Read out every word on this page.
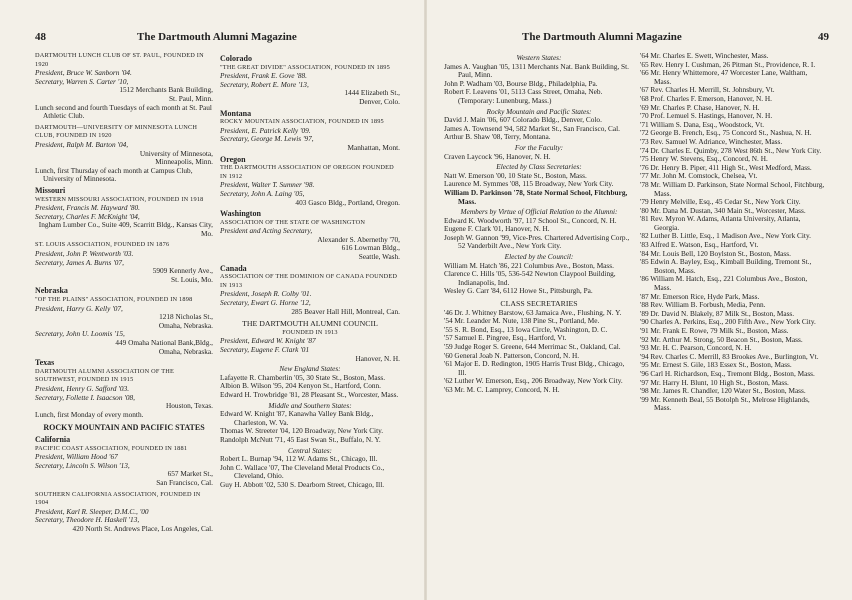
48	The Dartmouth Alumni Magazine

DARTMOUTH LUNCH CLUB OF ST. PAUL, FOUNDED IN 1920

President, Bruce W. Sanborn '04.

Secretary, Warren S. Carter '10,

1512 Merchants Bank Building,

St. Paul, Minn.

Lunch second and fourth Tuesdays of each month at St. Paul Athletic Club.

DARTMOUTH—UNIVERSITY OF MINNESOTA LUNCH CLUB, FOUNDED IN 1920

President, Ralph M. Barton '04,

University of Minnesota,

Minneapolis, Minn.

Lunch, first Thursday of each month at Campus Club, University of Minnesota.

Missouri

WESTERN MISSOURI ASSOCIATION, FOUNDED IN 1918

President, Francis M. Hayward '80.

Secretary, Charles F. McKnight '04,

Ingham Lumber Co., Suite 409, Scarritt Bldg., Kansas City, Mo.

ST. LOUIS ASSOCIATION, FOUNDED IN 1876

President, John P. Wentworth '03.

Secretary, James A. Burns '07,

5909 Kennerly Ave.,

St. Louis, Mo.

Nebraska

"OF THE PLAINS" ASSOCIATION, FOUNDED IN 1898

President, Harry G. Kelly '07,

1218 Nicholas St.,

Omaha, Nebraska.

Secretary, John U. Loomis '15,

449 Omaha National Bank,Bldg.,

Omaha, Nebraska.

Texas

DARTMOUTH ALUMNI ASSOCIATION OF THE SOUTHWEST, FOUNDED IN 1915

President, Henry G. Safford '03.

Secretary, Follette I. Isaacson '08,

Houston, Texas.

Lunch, first Monday of every month.

ROCKY MOUNTAIN AND PACIFIC STATES

California

PACIFIC COAST ASSOCIATION, FOUNDED IN 1881

President, William Hood '67

Secretary, Lincoln S. Wilson '13,

657 Market St.,

San Francisco, Cal.

SOUTHERN CALIFORNIA ASSOCIATION, FOUNDED IN 1904

President, Karl R. Sleeper, D.M.C., '00

Secretary, Theodore H. Haskell '13,

420 North St. Andrews Place, Los Angeles, Cal.

Colorado

"THE GREAT DIVIDE" ASSOCIATION, FOUNDED IN 1895

President, Frank E. Gove '88.

Secretary, Robert E. More '13,

1444 Elizabeth St.,

Denver, Colo.

Montana

ROCKY MOUNTAIN ASSOCIATION, FOUNDED IN 1895

President, E. Patrick Kelly '09.

Secretary, George M. Lewis '97,

Manhattan, Mont.

Oregon

THE DARTMOUTH ASSOCIATION OF OREGON FOUNDED IN 1912

President, Walter T. Sumner '98.

Secretary, John A. Laing '05,

403 Gasco Bldg., Portland, Oregon.

Washington

ASSOCIATION OF THE STATE OF WASHINGTON

President and Acting Secretary,

Alexander S. Abernethy '70,

616 Lowman Bldg.,

Seattle, Wash.

Canada

ASSOCIATION OF THE DOMINION OF CANADA FOUNDED IN 1913

President, Joseph R. Colby '01.

Secretary, Ewart G. Horne '12,

285 Beaver Hall Hill, Montreal, Can.

THE DARTMOUTH ALUMNI COUNCIL

FOUNDED IN 1913

President, Edward W. Knight '87

Secretary, Eugene F. Clark '01

Hanover, N. H.

New England States:

Lafayette R. Chamberlin '05, 30 State St., Boston, Mass.

Albion B. Wilson '95, 204 Kenyon St., Hartford, Conn.

Edward H. Trowbridge '81, 28 Pleasant St., Worcester, Mass.

Middle and Southern States:

Edward W. Knight '87, Kanawha Valley Bank Bldg., Charleston, W. Va.

Thomas W. Streeter '04, 120 Broadway, New York City.

Randolph McNutt '71, 45 East Swan St., Buffalo, N. Y.

Central States:

Robert L. Burnap '94, 112 W. Adams St., Chicago, Ill.

John C. Wallace '07, The Cleveland Metal Products Co., Cleveland, Ohio.

Guy H. Abbott '02, 530 S. Dearborn Street, Chicago, Ill.

The Dartmouth Alumni Magazine	49

Western States:

James A. Vaughan '05, 1311 Merchants Nat. Bank Building, St. Paul, Minn.

John P. Wadham '03, Bourse Bldg., Philadelphia, Pa.

Robert F. Leavens '01, 5113 Cass Street, Omaha, Neb. (Temporary: Lunenburg, Mass.)

Rocky Mountain and Pacific States:

David J. Main '06, 607 Colorado Bldg., Denver, Colo.

James A. Townsend '94, 582 Market St., San Francisco, Cal.

Arthur B. Shaw '08, Terry, Montana.

For the Faculty:

Craven Laycock '96, Hanover, N. H.

Elected by Class Secretaries:

Natt W. Emerson '00, 10 State St., Boston, Mass.

Laurence M. Symmes '08, 115 Broadway, New York City.

William D. Parkinson '78, State Normal School, Fitchburg, Mass.

Members by Virtue of Official Relation to the Alumni:

Edward K. Woodworth '97, 117 School St., Concord, N. H.

Eugene F. Clark '01, Hanover, N. H.

Joseph W. Gannon '99, Vice-Pres. Chartered Advertising Corp., 52 Vanderbilt Ave., New York City.

Elected by the Council:

William M. Hatch '86, 221 Columbus Ave., Boston, Mass.

Clarence C. Hills '05, 536-542 Newton Claypool Building, Indianapolis, Ind.

Wesley G. Carr '84, 6112 Howe St., Pittsburgh, Pa.

CLASS SECRETARIES

'46 Dr. J. Whitney Barstow, 63 Jamaica Ave., Flushing, N. Y.

'54 Mr. Leander M. Nute, 138 Pine St., Portland, Me.

'55 S. R. Bond, Esq., 13 Iowa Circle, Washington, D. C.

'57 Samuel E. Pingree, Esq., Hartford, Vt.

'59 Judge Roger S. Greene, 644 Merrimac St., Oakland, Cal.

'60 General Joab N. Patterson, Concord, N. H.

'61 Major E. D. Redington, 1905 Harris Trust Bldg., Chicago, Ill.

'62 Luther W. Emerson, Esq., 206 Broadway, New York City.

'63 Mr. M. C. Lamprey, Concord, N. H.

'64 Mr. Charles E. Swett, Winchester, Mass.

'65 Rev. Henry I. Cushman, 26 Pitman St., Providence, R. I.

'66 Mr. Henry Whittemore, 47 Worcester Lane, Waltham, Mass.

'67 Rev. Charles H. Merrill, St. Johnsbury, Vt.

'68 Prof. Charles F. Emerson, Hanover, N. H.

'69 Mr. Charles P. Chase, Hanover, N. H.

'70 Prof. Lemuel S. Hastings, Hanover, N. H.

'71 William S. Dana, Esq., Woodstock, Vt.

'72 George B. French, Esq., 75 Concord St., Nashua, N. H.

'73 Rev. Samuel W. Adriance, Winchester, Mass.

'74 Dr. Charles E. Quimby, 278 West 86th St., New York City.

'75 Henry W. Stevens, Esq., Concord, N. H.

'76 Dr. Henry B. Piper, 411 High St., West Medford, Mass.

'77 Mr. John M. Comstock, Chelsea, Vt.

'78 Mr. William D. Parkinson, State Normal School, Fitchburg, Mass.

'79 Henry Melville, Esq., 45 Cedar St., New York City.

'80 Mr. Dana M. Dustan, 340 Main St., Worcester, Mass.

'81 Rev. Myron W. Adams, Atlanta University, Atlanta, Georgia.

'82 Luther B. Little, Esq., 1 Madison Ave., New York City.

'83 Alfred E. Watson, Esq., Hartford, Vt.

'84 Mr. Louis Bell, 120 Boylston St., Boston, Mass.

'85 Edwin A. Bayley, Esq., Kimball Building, Tremont St., Boston, Mass.

'86 William M. Hatch, Esq., 221 Columbus Ave., Boston, Mass.

'87 Mr. Emerson Rice, Hyde Park, Mass.

'88 Rev. William B. Forbush, Media, Penn.

'89 Dr. David N. Blakely, 87 Milk St., Boston, Mass.

'90 Charles A. Perkins, Esq., 200 Fifth Ave., New York City.

'91 Mr. Frank E. Rowe, 79 Milk St., Boston, Mass.

'92 Mr. Arthur M. Strong, 50 Beacon St., Boston, Mass.

'93 Mr. H. C. Pearson, Concord, N. H.

'94 Rev. Charles C. Merrill, 83 Brookes Ave., Burlington, Vt.

'95 Mr. Ernest S. Gile, 183 Essex St., Boston, Mass.

'96 Carl H. Richardson, Esq., Tremont Bldg., Boston, Mass.

'97 Mr. Harry H. Blunt, 10 High St., Boston, Mass.

'98 Mr. James R. Chandler, 120 Water St., Boston, Mass.

'99 Mr. Kenneth Beal, 55 Botolph St., Melrose Highlands, Mass.
